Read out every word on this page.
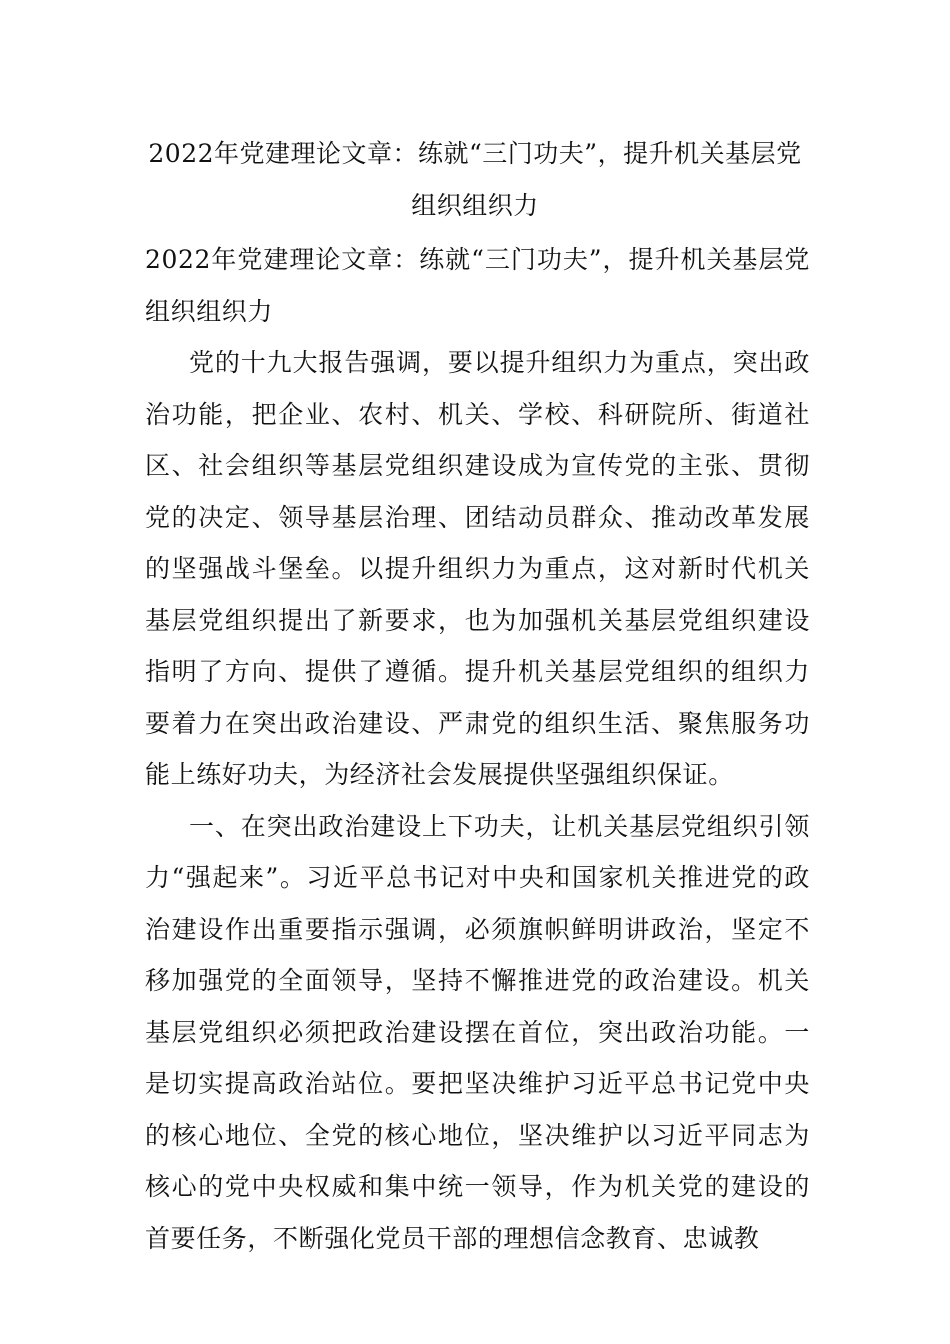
2022年党建理论文章：练就“三门功夫”，提升机关基层党组织组织力

2022年党建理论文章：练就“三门功夫”，提升机关基层党组织组织力

党的十九大报告强调，要以提升组织力为重点，突出政治功能，把企业、农村、机关、学校、科研院所、街道社区、社会组织等基层党组织建设成为宣传党的主张、贯彻党的决定、领导基层治理、团结动员群众、推动改革发展的坚强战斗堡垒。以提升组织力为重点，这对新时代机关基层党组织提出了新要求，也为加强机关基层党组织建设指明了方向、提供了遵循。提升机关基层党组织的组织力要着力在突出政治建设、严肃党的组织生活、聚焦服务功能上练好功夫，为经济社会发展提供坚强组织保证。

一、在突出政治建设上下功夫，让机关基层党组织引领力“强起来”。习近平总书记对中央和国家机关推进党的政治建设作出重要指示强调，必须旗帜鲜明讲政治，坚定不移加强党的全面领导，坚持不懈推进党的政治建设。机关基层党组织必须把政治建设摆在首位，突出政治功能。一是切实提高政治站位。要把坚决维护习近平总书记党中央的核心地位、全党的核心地位，坚决维护以习近平同志为核心的党中央权威和集中统一领导，作为机关党的建设的首要任务，不断强化党员干部的理想信念教育、忠诚教
